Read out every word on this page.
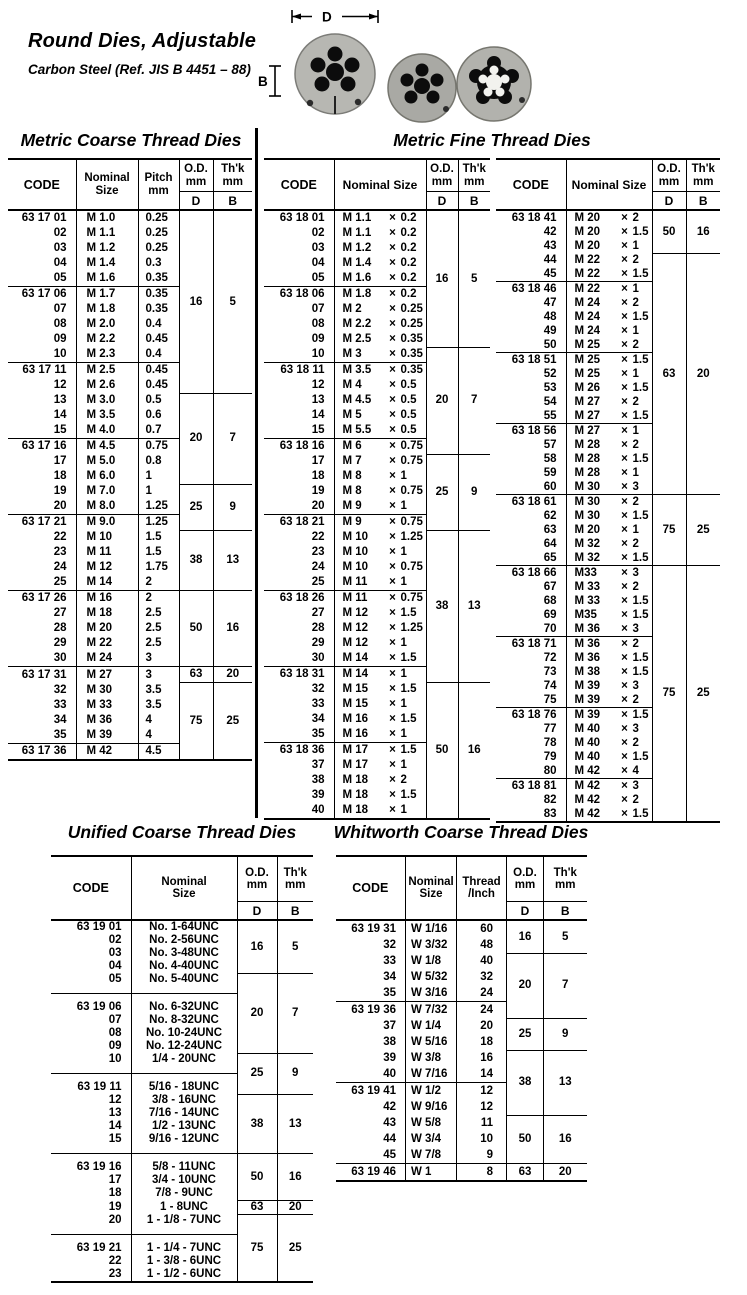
Round Dies, Adjustable
Carbon Steel (Ref. JIS B 4451 – 88)
D
B
Metric Coarse Thread Dies
CODE	Nominal
Size	Pitch
mm	O.D.
mm	Th'k
mm

			D	B
63 17 01	M 1.0	0.25	16	5
02	M 1.1	0.25		
03	M 1.2	0.25		
04	M 1.4	0.3		
05	M 1.6	0.35		
63 17 06	M 1.7	0.35		
07	M 1.8	0.35		
08	M 2.0	0.4		
09	M 2.2	0.45		
10	M 2.3	0.4		
63 17 11	M 2.5	0.45		
12	M 2.6	0.45		
13	M 3.0	0.5	20	7
14	M 3.5	0.6		
15	M 4.0	0.7		
63 17 16	M 4.5	0.75		
17	M 5.0	0.8		
18	M 6.0	1		
19	M 7.0	1	25	9
20	M 8.0	1.25		
63 17 21	M 9.0	1.25		
22	M 10	1.5	38	13
23	M 11	1.5		
24	M 12	1.75		
25	M 14	2		
63 17 26	M 16	2	50	16
27	M 18	2.5		
28	M 20	2.5		
29	M 22	2.5		
30	M 24	3		
63 17 31	M 27	3	63	20
32	M 30	3.5	75	25
33	M 33	3.5		
34	M 36	4		
35	M 39	4		
63 17 36	M 42	4.5		
Metric Fine Thread Dies
CODE	Nominal Size	O.D.
mm	Th'k
mm

		D	B
63 18 01	M 1.1 × 0.2	16	5
02	M 1.1 × 0.2		
03	M 1.2 × 0.2		
04	M 1.4 × 0.2		
05	M 1.6 × 0.2		
63 18 06	M 1.8 × 0.2		
07	M 2 × 0.25		
08	M 2.2 × 0.25		
09	M 2.5 × 0.35		
10	M 3 × 0.35	20	7
63 18 11	M 3.5 × 0.35		
12	M 4 × 0.5		
13	M 4.5 × 0.5		
14	M 5 × 0.5		
15	M 5.5 × 0.5		
63 18 16	M 6 × 0.75		
17	M 7 × 0.75	25	9
18	M 8 × 1		
19	M 8 × 0.75		
20	M 9 × 1		
63 18 21	M 9 × 0.75		
22	M 10 × 1.25	38	13
23	M 10 × 1		
24	M 10 × 0.75		
25	M 11 × 1		
63 18 26	M 11 × 0.75		
27	M 12 × 1.5		
28	M 12 × 1.25		
29	M 12 × 1		
30	M 14 × 1.5		
63 18 31	M 14 × 1		
32	M 15 × 1.5	50	16
33	M 15 × 1		
34	M 16 × 1.5		
35	M 16 × 1		
63 18 36	M 17 × 1.5		
37	M 17 × 1		
38	M 18 × 2		
39	M 18 × 1.5		
40	M 18 × 1		
CODE	Nominal Size	O.D.
mm	Th'k
mm

		D	B
63 18 41	M 20 × 2	50	16
42	M 20 × 1.5		
43	M 20 × 1		
44	M 22 × 2	63	20
45	M 22 × 1.5		
63 18 46	M 22 × 1		
47	M 24 × 2		
48	M 24 × 1.5		
49	M 24 × 1		
50	M 25 × 2		
63 18 51	M 25 × 1.5		
52	M 25 × 1		
53	M 26 × 1.5		
54	M 27 × 2		
55	M 27 × 1.5		
63 18 56	M 27 × 1		
57	M 28 × 2		
58	M 28 × 1.5		
59	M 28 × 1		
60	M 30 × 3		
63 18 61	M 30 × 2	75	25
62	M 30 × 1.5		
63	M 20 × 1		
64	M 32 × 2		
65	M 32 × 1.5		
63 18 66	M33 × 3	75	25
67	M 33 × 2		
68	M 33 × 1.5		
69	M35 × 1.5		
70	M 36 × 3		
63 18 71	M 36 × 2		
72	M 36 × 1.5		
73	M 38 × 1.5		
74	M 39 × 3		
75	M 39 × 2		
63 18 76	M 39 × 1.5		
77	M 40 × 3		
78	M 40 × 2		
79	M 40 × 1.5		
80	M 42 × 4		
63 18 81	M 42 × 3		
82	M 42 × 2		
83	M 42 × 1.5		
Unified Coarse Thread Dies
CODE	Nominal
Size	O.D.
mm	Th'k
mm

		D	B
63 19 01	No. 1-64UNC	16	5
02	No. 2-56UNC		
03	No. 3-48UNC		
04	No. 4-40UNC		
05	No. 5-40UNC	20	7
63 19 06	No. 6-32UNC		
07	No. 8-32UNC		
08	No. 10-24UNC		
09	No. 12-24UNC		
10	1/4 - 20UNC	25	9
63 19 11	5/16 - 18UNC		
12	3/8 - 16UNC	38	13
13	7/16 - 14UNC		
14	1/2 - 13UNC		
15	9/16 - 12UNC		
63 19 16	5/8 - 11UNC	50	16
17	3/4 - 10UNC		
18	7/8 - 9UNC		
19	1 - 8UNC	63	20
20	1 - 1/8 - 7UNC	75	25
63 19 21	1 - 1/4 - 7UNC		
22	1 - 3/8 - 6UNC		
23	1 - 1/2 - 6UNC		
Whitworth Coarse Thread Dies
CODE	Nominal
Size	Thread
/Inch	O.D.
mm	Th'k
mm

			D	B
63 19 31	W 1/16	60	16	5
32	W 3/32	48		
33	W 1/8	40	20	7
34	W 5/32	32		
35	W 3/16	24		
63 19 36	W 7/32	24		
37	W 1/4	20	25	9
38	W 5/16	18		
39	W 3/8	16	38	13
40	W 7/16	14		
63 19 41	W 1/2	12		
42	W 9/16	12		
43	W 5/8	11	50	16
44	W 3/4	10		
45	W 7/8	9		
63 19 46	W 1	8	63	20
